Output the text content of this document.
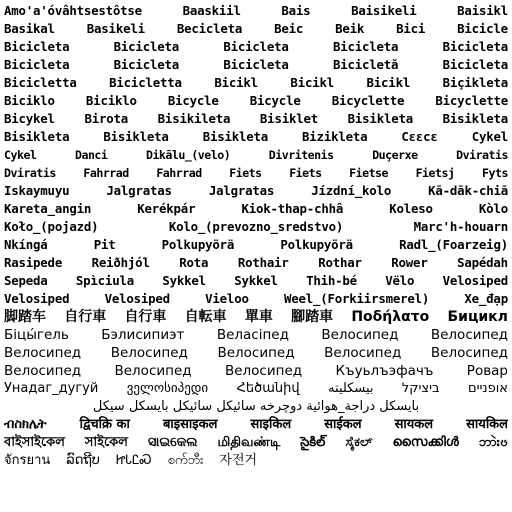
Amo'a'óvâhtsestôtse	Baaskiil	Bais	Baisikeli	Baisikl
Basikal	Basikeli	Becicleta	Beic	Beik	Bici	Bicicle
Bicicleta	Bicicleta	Bicicleta	Bicicleta	Bicicleta
Bicicleta	Bicicleta	Bicicleta	Bicicletă	Bicicleta
Bicicletta	Bicicletta	Bicikl	Bicikl	Bicikl	Biçikleta
Biciklo	Biciklo	Bicycle	Bicycle	Bicyclette	Bicyclette
Bicykel Birota Bisikileta Bisiklet Bisikleta Bisikleta
Bisikleta	Bisikleta	Bisikleta	Bizikleta	Cɛɛcɛ	Cykel
Cykel	Danci	Dikālu_(velo)	Divritenis	Duçerxe	Dviratis
Dviratis Fahrrad Fahrrad Fiets Fiets Fietse Fietsj Fyts
Iskaymuyu	Jalgratas	Jalgratas	Jízdní_kolo	Kā-dāk-chiā
Kareta_angin	Kerékpár	Kiok-thap-chhâ	Koleso	Kòlo
Koło_(pojazd)	Kolo_(prevozno_sredstvo)	Marc'h-houarn
Nkíngá	Pit	Polkupyörä	Polkupyörä	Radl_(Foarzeig)
Rasipede Reiðhjól Rota Rothair Rothar Rower Sapédah
Sepeda Spìciula Sykkel Sykkel Thih-bé Vëlo Velosiped
Velosiped	Velosiped	Vieloo	Weel_(Forkiirsmerel)	Xe_đạp
脚踏车 自行車 自行車 自転車 單車 腳踏車 Ποδήλατο Бицикл
Біцы́гель Бэлисипиэт Веласіпед Велосипед Велосипед
Велосипед Велосипед Велосипед Велосипед Велосипед
Велосипед Велосипед Велосипед Къуьлъэфачъ Ровар
Унадаг_дугуй ველოსიპედი Հեծանիվ بیسکلیته ביציקל אופניים
بايسکل دراجة_هوائية دوچرخه سائیکل سائیکل بایسکل سیکل
ብስክሌት	द्विचक्रि का	बाइसाइकल	साइकिल	साईकल	सायकल	सायकिल
বাইসাইকেল সাইকেল ସାଇକେଲ மிதிவண்டி సైకిల్ ಸೈಕಲ್ സൈക്കിൾ ဘာဲးၓ
จักรยาน ລົດຖີບ ᏥᏓᏝᏍ စက်ဘီး 자전거
